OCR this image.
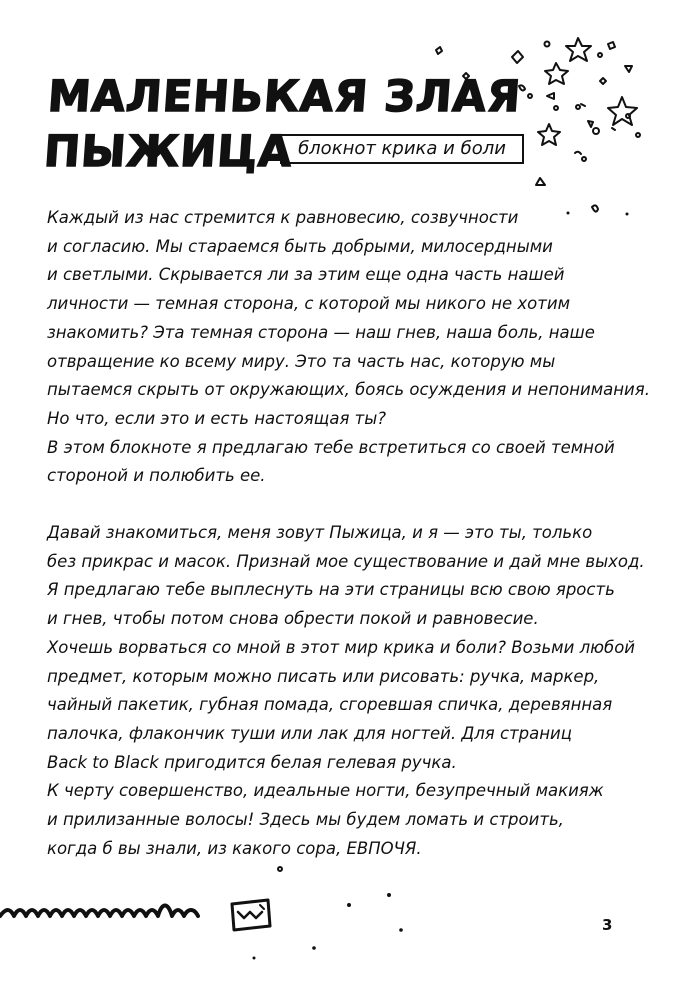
МАЛЕНЬКАЯ ЗЛАЯ
ПЫЖИЦА блокнот крика и боли
Каждый из нас стремится к равновесию, созвучности
и согласию. Мы стараемся быть добрыми, милосердными
и светлыми. Скрывается ли за этим еще одна часть нашей
личности — темная сторона, с которой мы никого не хотим
знакомить? Эта темная сторона — наш гнев, наша боль, наше
отвращение ко всему миру. Это та часть нас, которую мы
пытаемся скрыть от окружающих, боясь осуждения и непонимания.
Но что, если это и есть настоящая ты?
В этом блокноте я предлагаю тебе встретиться со своей темной
стороной и полюбить ее.
Давай знакомиться, меня зовут Пыжица, и я — это ты, только
без прикрас и масок. Признай мое существование и дай мне выход.
Я предлагаю тебе выплеснуть на эти страницы всю свою ярость
и гнев, чтобы потом снова обрести покой и равновесие.
Хочешь ворваться со мной в этот мир крика и боли? Возьми любой
предмет, которым можно писать или рисовать: ручка, маркер,
чайный пакетик, губная помада, сгоревшая спичка, деревянная
палочка, флакончик туши или лак для ногтей. Для страниц
Back to Black пригодится белая гелевая ручка.
К черту совершенство, идеальные ногти, безупречный макияж
и прилизанные волосы! Здесь мы будем ломать и строить,
когда б вы знали, из какого сора, ЕВПОЧЯ.
3
